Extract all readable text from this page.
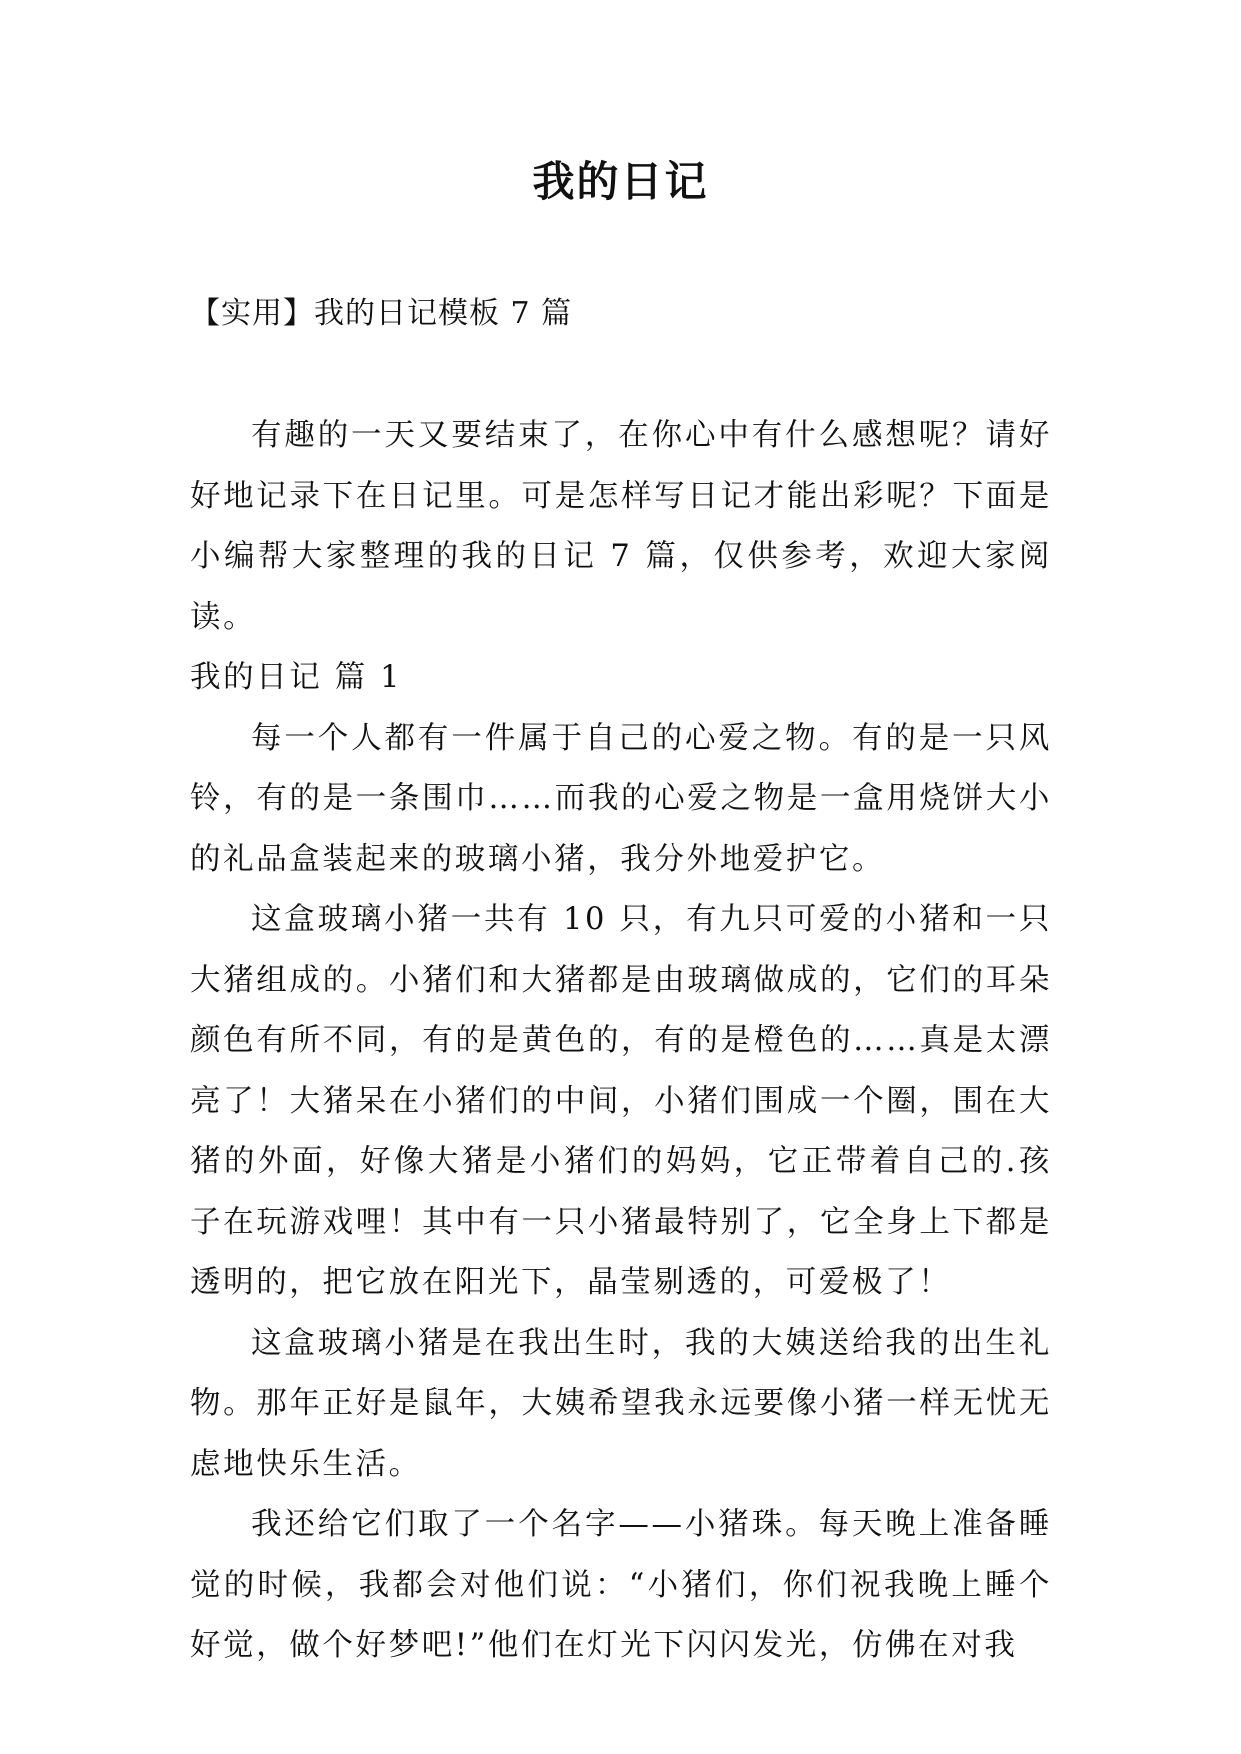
我的日记
【实用】我的日记模板 7 篇

有趣的一天又要结束了，在你心中有什么感想呢？请好好地记录下在日记里。可是怎样写日记才能出彩呢？下面是小编帮大家整理的我的日记 7 篇，仅供参考，欢迎大家阅读。

我的日记 篇 1

每一个人都有一件属于自己的心爱之物。有的是一只风铃，有的是一条围巾……而我的心爱之物是一盒用烧饼大小的礼品盒装起来的玻璃小猪，我分外地爱护它。

这盒玻璃小猪一共有 10 只，有九只可爱的小猪和一只大猪组成的。小猪们和大猪都是由玻璃做成的，它们的耳朵颜色有所不同，有的是黄色的，有的是橙色的……真是太漂亮了！大猪呆在小猪们的中间，小猪们围成一个圈，围在大猪的外面，好像大猪是小猪们的妈妈，它正带着自己的.孩子在玩游戏哩！其中有一只小猪最特别了，它全身上下都是透明的，把它放在阳光下，晶莹剔透的，可爱极了！

这盒玻璃小猪是在我出生时，我的大姨送给我的出生礼物。那年正好是鼠年，大姨希望我永远要像小猪一样无忧无虑地快乐生活。

我还给它们取了一个名字——小猪珠。每天晚上准备睡觉的时候，我都会对他们说：“小猪们，你们祝我晚上睡个好觉，做个好梦吧!”他们在灯光下闪闪发光，仿佛在对我
